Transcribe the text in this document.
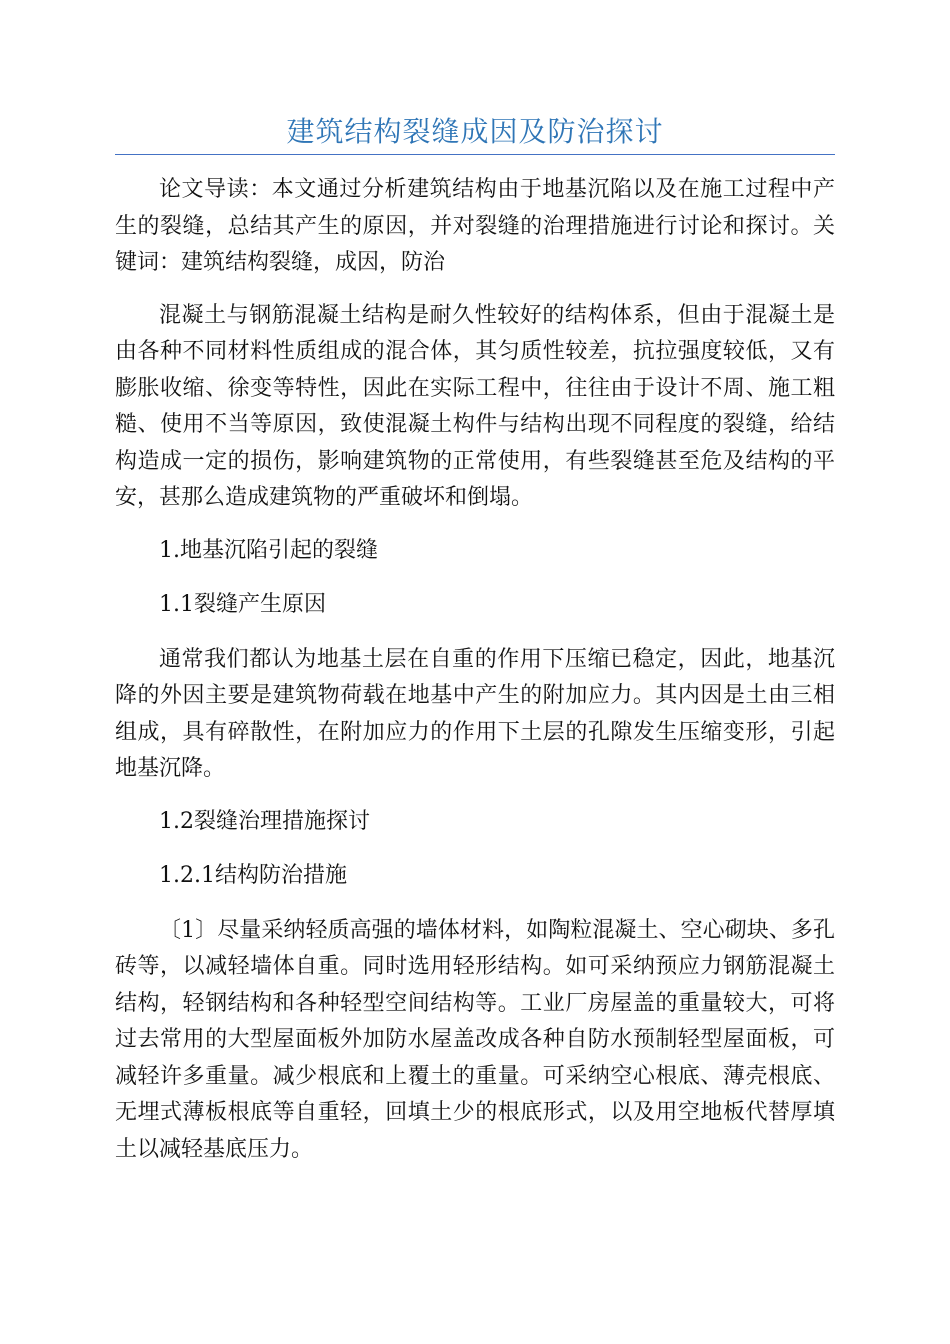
建筑结构裂缝成因及防治探讨

论文导读：本文通过分析建筑结构由于地基沉陷以及在施工过程中产生的裂缝，总结其产生的原因，并对裂缝的治理措施进行讨论和探讨。关键词：建筑结构裂缝，成因，防治

混凝土与钢筋混凝土结构是耐久性较好的结构体系，但由于混凝土是由各种不同材料性质组成的混合体，其匀质性较差，抗拉强度较低，又有膨胀收缩、徐变等特性，因此在实际工程中，往往由于设计不周、施工粗糙、使用不当等原因，致使混凝土构件与结构出现不同程度的裂缝，给结构造成一定的损伤，影响建筑物的正常使用，有些裂缝甚至危及结构的平安，甚那么造成建筑物的严重破坏和倒塌。

1.地基沉陷引起的裂缝

1.1裂缝产生原因

通常我们都认为地基土层在自重的作用下压缩已稳定，因此，地基沉降的外因主要是建筑物荷载在地基中产生的附加应力。其内因是土由三相组成，具有碎散性，在附加应力的作用下土层的孔隙发生压缩变形，引起地基沉降。

1.2裂缝治理措施探讨

1.2.1结构防治措施

〔1〕尽量采纳轻质高强的墙体材料，如陶粒混凝土、空心砌块、多孔砖等，以减轻墙体自重。同时选用轻形结构。如可采纳预应力钢筋混凝土结构，轻钢结构和各种轻型空间结构等。工业厂房屋盖的重量较大，可将过去常用的大型屋面板外加防水屋盖改成各种自防水预制轻型屋面板，可减轻许多重量。减少根底和上覆土的重量。可采纳空心根底、薄壳根底、无埋式薄板根底等自重轻，回填土少的根底形式，以及用空地板代替厚填土以减轻基底压力。
